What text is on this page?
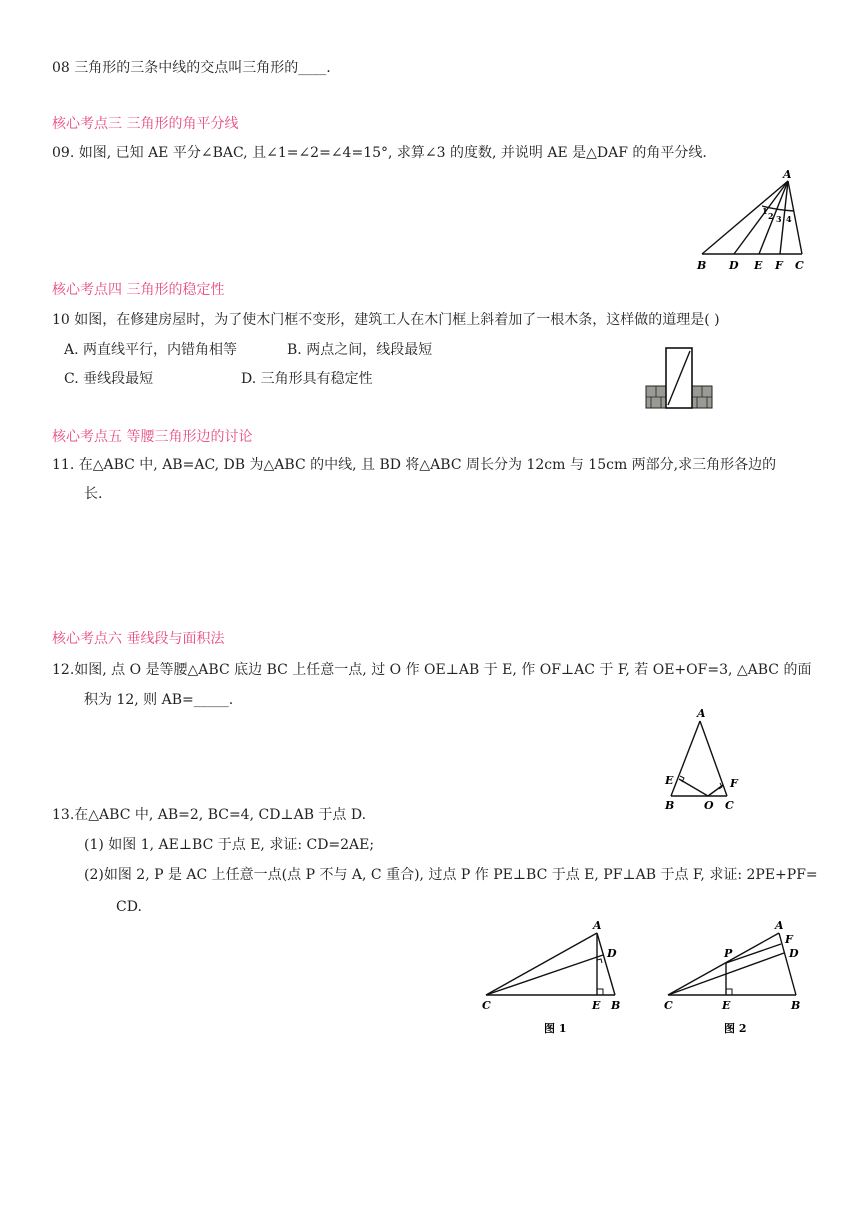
08 三角形的三条中线的交点叫三角形的____.
核心考点三 三角形的角平分线
09. 如图, 已知 AE 平分∠BAC, 且∠1=∠2=∠4=15°, 求算∠3 的度数, 并说明 AE 是△DAF 的角平分线.
A
B D E F C
1 2 3 4
核心考点四 三角形的稳定性
10 如图，在修建房屋时，为了使木门框不变形，建筑工人在木门框上斜着加了一根木条，这样做的道理是( )
A. 两直线平行，内错角相等	B. 两点之间，线段最短
C. 垂线段最短	D. 三角形具有稳定性
核心考点五 等腰三角形边的讨论
11. 在△ABC 中, AB=AC, DB 为△ABC 的中线, 且 BD 将△ABC 周长分为 12cm 与 15cm 两部分,求三角形各边的
长.
核心考点六 垂线段与面积法
12.如图, 点 O 是等腰△ABC 底边 BC 上任意一点, 过 O 作 OE⊥AB 于 E, 作 OF⊥AC 于 F, 若 OE+OF=3, △ABC 的面
积为 12, 则 AB=_____.
A
E	F
B	O C
13.在△ABC 中, AB=2, BC=4, CD⊥AB 于点 D.
(1) 如图 1, AE⊥BC 于点 E, 求证: CD=2AE;
(2)如图 2, P 是 AC 上任意一点(点 P 不与 A, C 重合), 过点 P 作 PE⊥BC 于点 E, PF⊥AB 于点 F, 求证: 2PE+PF=
CD.
A
D
C	E B
图 1
A
F
P	D
C	E	B
图 2
